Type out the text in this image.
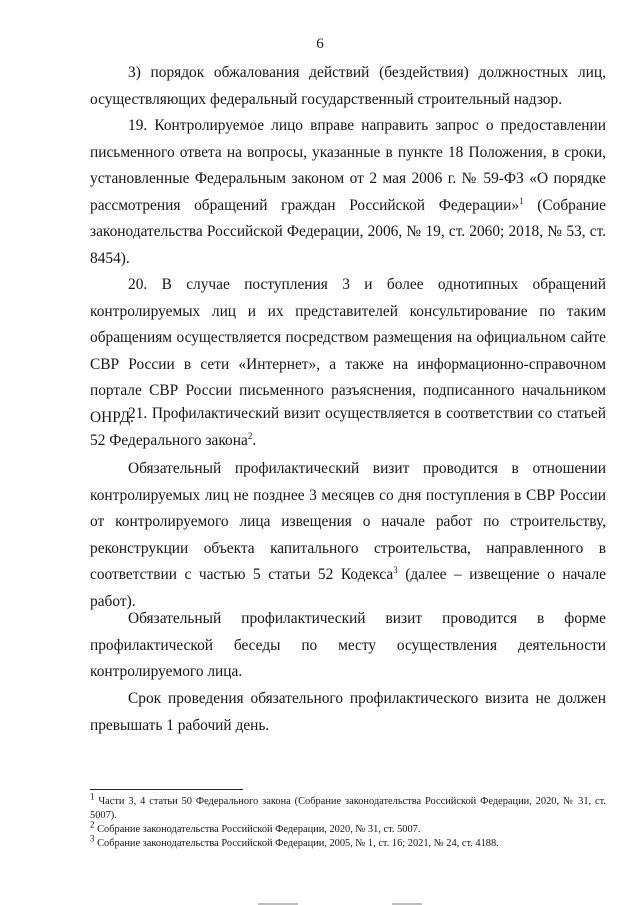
6

3) порядок обжалования действий (бездействия) должностных лиц, осуществляющих федеральный государственный строительный надзор.

19. Контролируемое лицо вправе направить запрос о предоставлении письменного ответа на вопросы, указанные в пункте 18 Положения, в сроки, установленные Федеральным законом от 2 мая 2006 г. № 59-ФЗ «О порядке рассмотрения обращений граждан Российской Федерации»$^1$ (Собрание законодательства Российской Федерации, 2006, № 19, ст. 2060; 2018, № 53, ст. 8454).

20. В случае поступления 3 и более однотипных обращений контролируемых лиц и их представителей консультирование по таким обращениям осуществляется посредством размещения на официальном сайте СВР России в сети «Интернет», а также на информационно-справочном портале СВР России письменного разъяснения, подписанного начальником ОНРД.

21. Профилактический визит осуществляется в соответствии со статьей 52 Федерального закона$^2$.

Обязательный профилактический визит проводится в отношении контролируемых лиц не позднее 3 месяцев со дня поступления в СВР России от контролируемого лица извещения о начале работ по строительству, реконструкции объекта капитального строительства, направленного в соответствии с частью 5 статьи 52 Кодекса$^3$ (далее – извещение о начале работ).

Обязательный профилактический визит проводится в форме профилактической беседы по месту осуществления деятельности контролируемого лица.

Срок проведения обязательного профилактического визита не должен превышать 1 рабочий день.

$^1$ Части 3, 4 статьи 50 Федерального закона (Собрание законодательства Российской Федерации, 2020, № 31, ст. 5007).

$^2$ Собрание законодательства Российской Федерации, 2020, № 31, ст. 5007.

$^3$ Собрание законодательства Российской Федерации, 2005, № 1, ст. 16; 2021, № 24, ст. 4188.
